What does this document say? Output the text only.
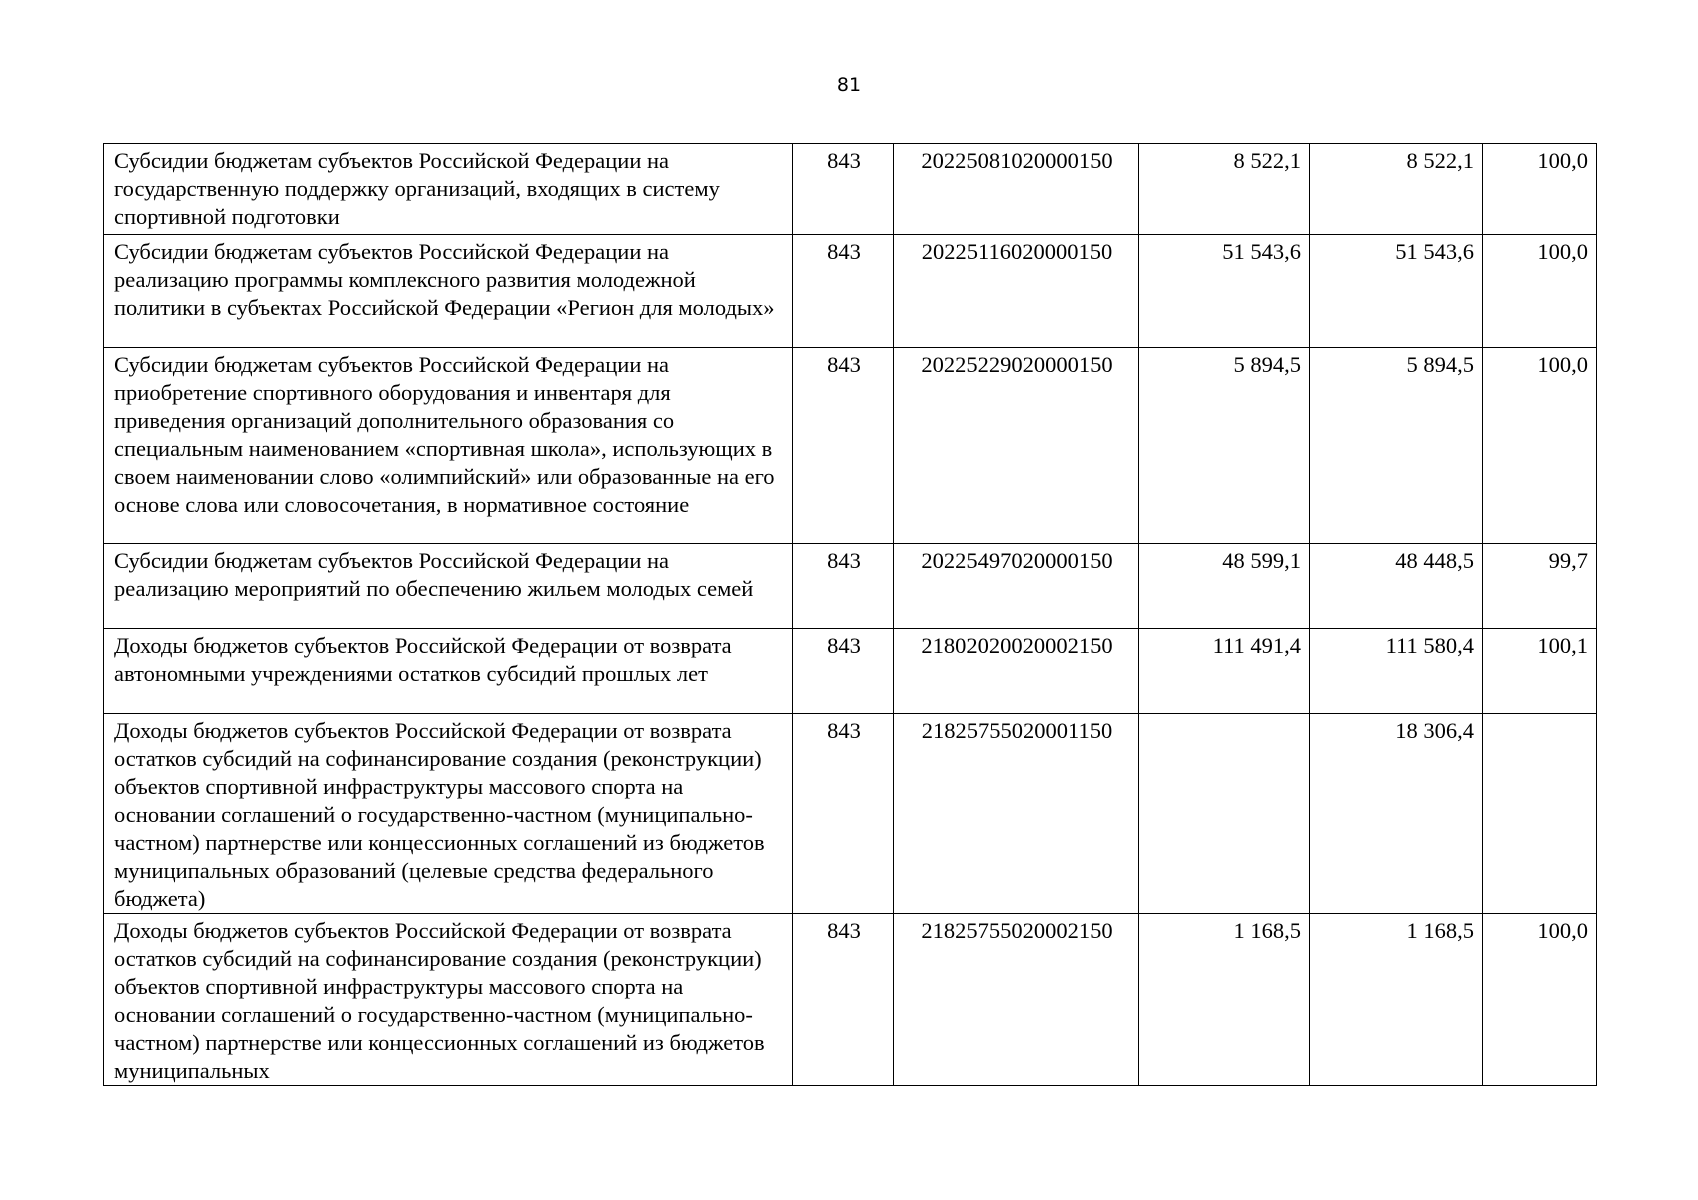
81
Субсидии бюджетам субъектов Российской Федерации на государственную поддержку организаций, входящих в систему спортивной подготовки	843	20225081020000150	8 522,1	8 522,1	100,0
Субсидии бюджетам субъектов Российской Федерации на реализацию программы комплексного развития молодежной политики в субъектах Российской Федерации «Регион для молодых»	843	20225116020000150	51 543,6	51 543,6	100,0
Субсидии бюджетам субъектов Российской Федерации на приобретение спортивного оборудования и инвентаря для приведения организаций дополнительного образования со специальным наименованием «спортивная школа», использующих в своем наименовании слово «олимпийский» или образованные на его основе слова или словосочетания, в нормативное состояние	843	20225229020000150	5 894,5	5 894,5	100,0
Субсидии бюджетам субъектов Российской Федерации на реализацию мероприятий по обеспечению жильем молодых семей	843	20225497020000150	48 599,1	48 448,5	99,7
Доходы бюджетов субъектов Российской Федерации от возврата автономными учреждениями остатков субсидий прошлых лет	843	21802020020002150	111 491,4	111 580,4	100,1
Доходы бюджетов субъектов Российской Федерации от возврата остатков субсидий на софинансирование создания (реконструкции) объектов спортивной инфраструктуры массового спорта на основании соглашений о государственно-частном (муниципально-частном) партнерстве или концессионных соглашений из бюджетов муниципальных образований (целевые средства федерального бюджета)	843	21825755020001150		18 306,4	
Доходы бюджетов субъектов Российской Федерации от возврата остатков субсидий на софинансирование создания (реконструкции) объектов спортивной инфраструктуры массового спорта на основании соглашений о государственно-частном (муниципально-частном) партнерстве или концессионных соглашений из бюджетов муниципальных	843	21825755020002150	1 168,5	1 168,5	100,0
